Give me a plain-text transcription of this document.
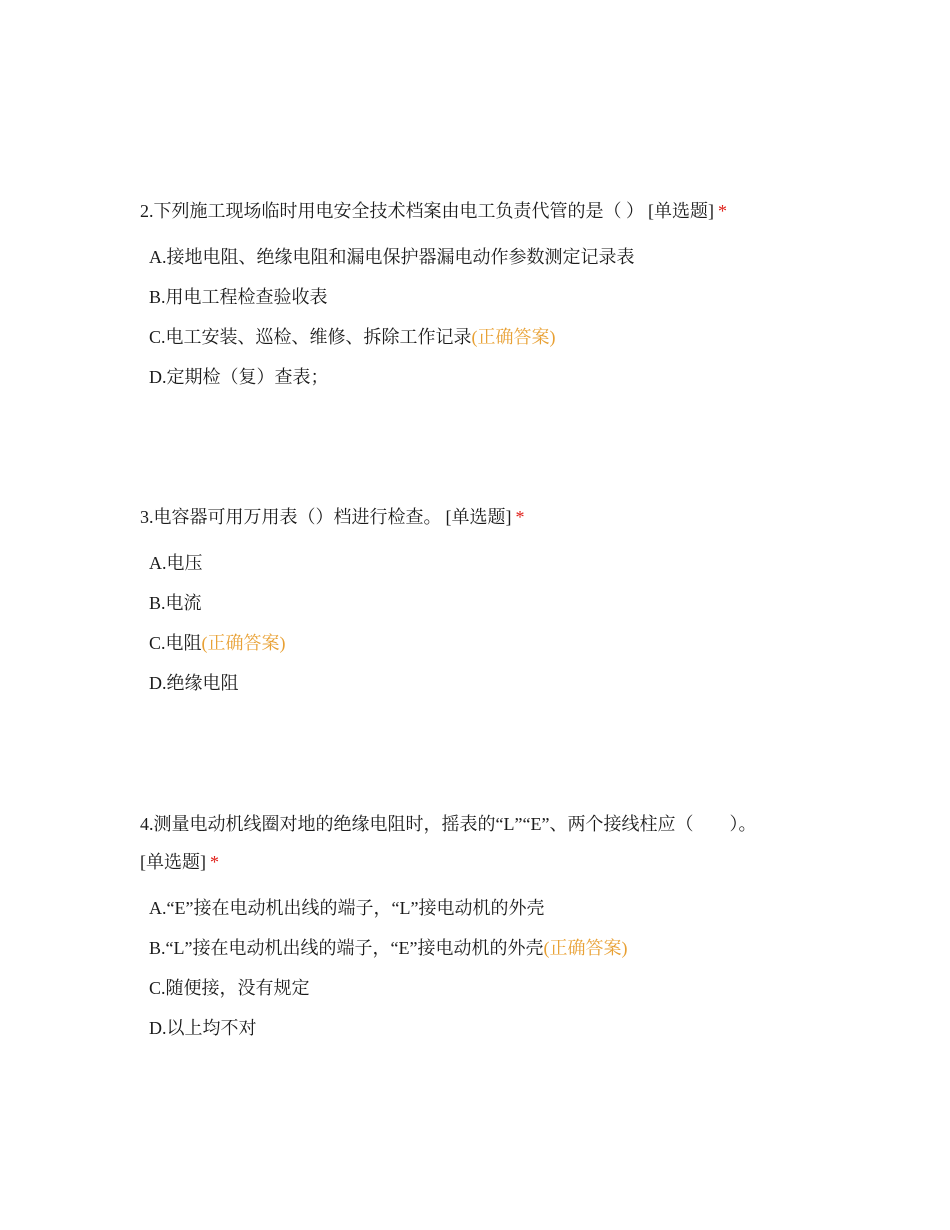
2.下列施工现场临时用电安全技术档案由电工负责代管的是（ ） [单选题] *
A.接地电阻、绝缘电阻和漏电保护器漏电动作参数测定记录表
B.用电工程检查验收表
C.电工安装、巡检、维修、拆除工作记录(正确答案)
D.定期检（复）查表；
3.电容器可用万用表（）档进行检查。 [单选题] *
A.电压
B.电流
C.电阻(正确答案)
D.绝缘电阻
4.测量电动机线圈对地的绝缘电阻时，摇表的“L”“E”、两个接线柱应（　　）。
[单选题] *
A.“E”接在电动机出线的端子，“L”接电动机的外壳
B.“L”接在电动机出线的端子，“E”接电动机的外壳(正确答案)
C.随便接，没有规定
D.以上均不对
